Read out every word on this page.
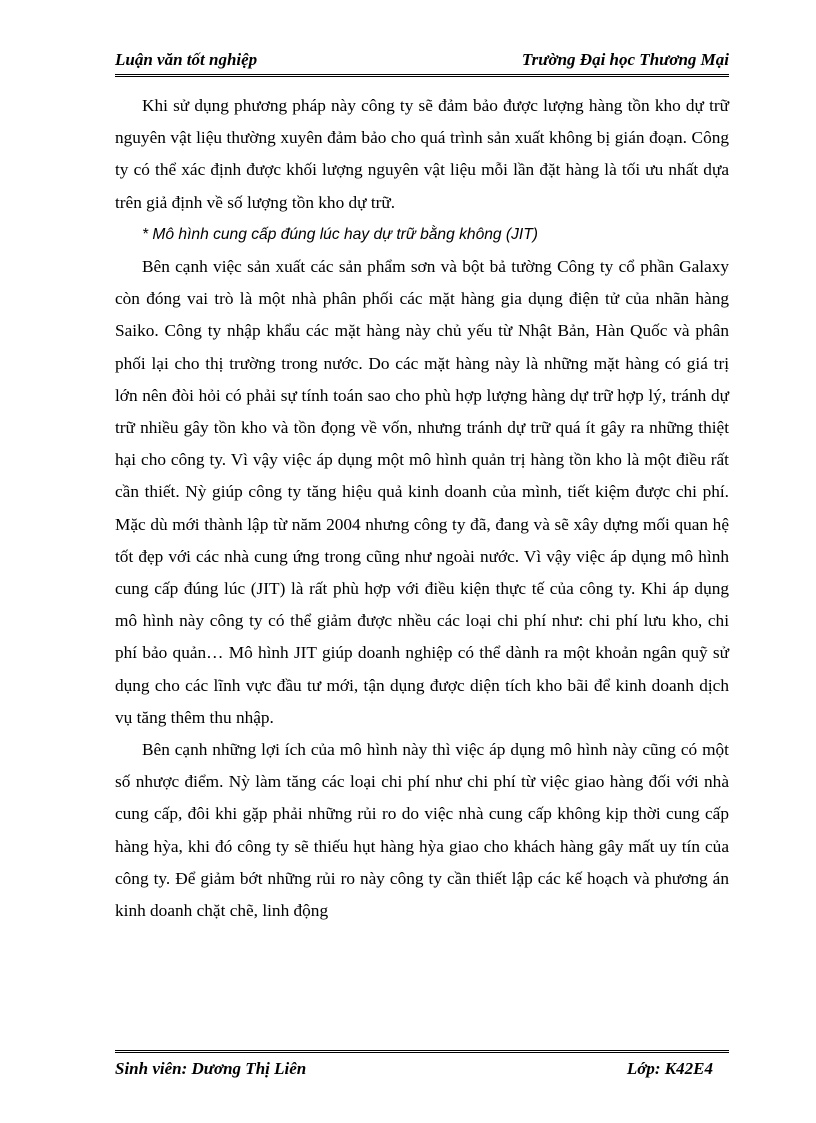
Luận văn tốt nghiệp	Trường Đại học Thương Mại

Khi sử dụng phương pháp này công ty sẽ đảm bảo được lượng hàng tồn kho dự trữ nguyên vật liệu thường xuyên đảm bảo cho quá trình sản xuất không bị gián đoạn. Công ty có thể xác định được khối lượng nguyên vật liệu mỗi lần đặt hàng là tối ưu nhất dựa trên giả định về số lượng tồn kho dự trữ.

* Mô hình cung cấp đúng lúc hay dự trữ bằng không (JIT)

Bên cạnh việc sản xuất các sản phẩm sơn và bột bả tường Công ty cổ phần Galaxy còn đóng vai trò là một nhà phân phối các mặt hàng gia dụng điện tử của nhãn hàng Saiko. Công ty nhập khẩu các mặt hàng này chủ yếu từ Nhật Bản, Hàn Quốc và phân phối lại cho thị trường trong nước. Do các mặt hàng này là những mặt hàng có giá trị lớn nên đòi hỏi có phải sự tính toán sao cho phù hợp lượng hàng dự trữ hợp lý, tránh dự trữ nhiều gây tồn kho và tồn đọng về vốn, nhưng tránh dự trữ quá ít gây ra những thiệt hại cho công ty. Vì vậy việc áp dụng một mô hình quản trị hàng tồn kho là một điều rất cần thiết. Nỳ giúp công ty tăng hiệu quả kinh doanh của mình, tiết kiệm được chi phí. Mặc dù mới thành lập từ năm 2004 nhưng công ty đã, đang và sẽ xây dựng mối quan hệ tốt đẹp với các nhà cung ứng trong cũng như ngoài nước. Vì vậy việc áp dụng mô hình cung cấp đúng lúc (JIT) là rất phù hợp với điều kiện thực tế của công ty. Khi áp dụng mô hình này công ty có thể giảm được nhều các loại chi phí như: chi phí lưu kho, chi phí bảo quản… Mô hình JIT giúp doanh nghiệp có thể dành ra một khoản ngân quỹ sử dụng cho các lĩnh vực đầu tư mới, tận dụng được diện tích kho bãi để kinh doanh dịch vụ tăng thêm thu nhập.

Bên cạnh những lợi ích của mô hình này thì việc áp dụng mô hình này cũng có một số nhược điểm. Nỳ làm tăng các loại chi phí như chi phí từ việc giao hàng đối với nhà cung cấp, đôi khi gặp phải những rủi ro do việc nhà cung cấp không kịp thời cung cấp hàng hỳa, khi đó công ty sẽ thiếu hụt hàng hỳa giao cho khách hàng gây mất uy tín của công ty. Để giảm bớt những rủi ro này công ty cần thiết lập các kế hoạch và phương án kinh doanh chặt chẽ, linh động

Sinh viên: Dương Thị Liên	Lớp: K42E4
